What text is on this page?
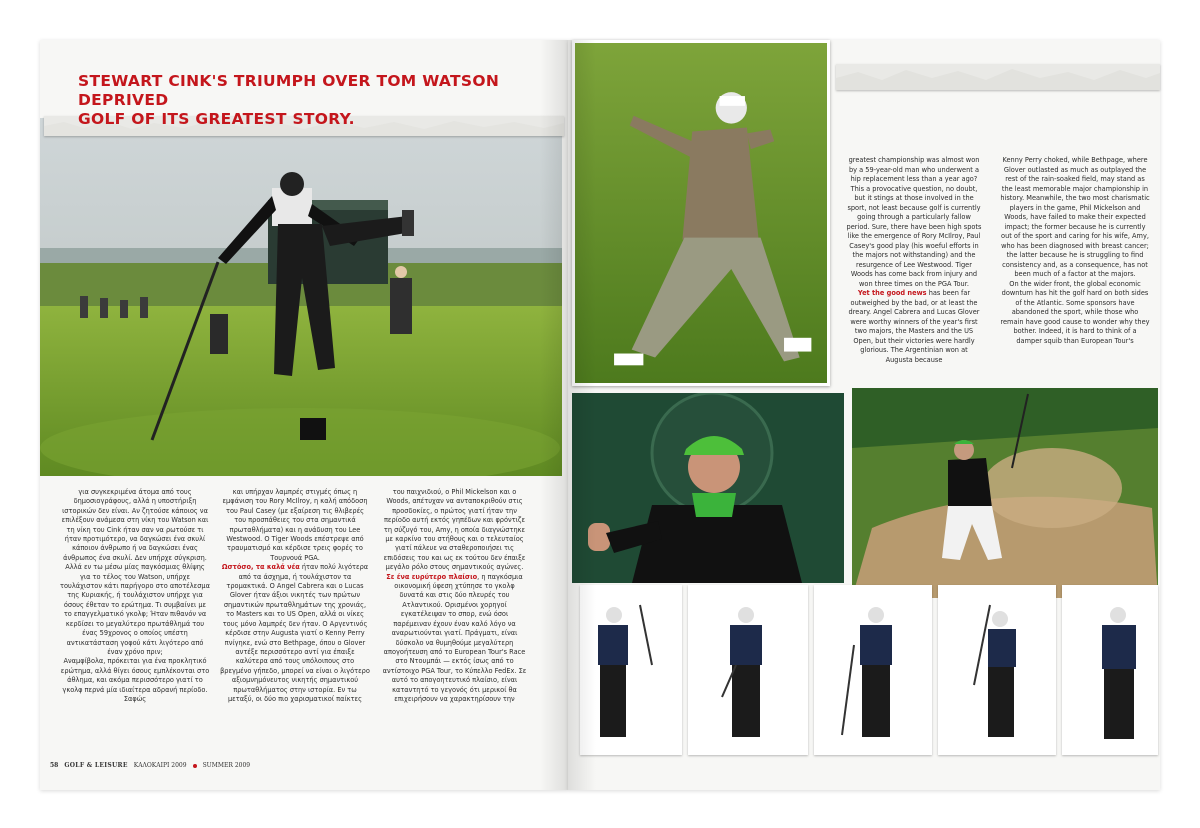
STEWART CINK'S TRIUMPH OVER TOM WATSON DEPRIVED
GOLF OF ITS GREATEST STORY.

για συγκεκριμένα άτομα από τους δημοσιογράφους, αλλά η υποστήριξη ιστορικών δεν είναι. Αν ζητούσε κάποιος να επιλέξουν ανάμεσα στη νίκη του Watson και τη νίκη του Cink ήταν σαν να ρωτούσε τι ήταν προτιμότερο, να δαγκώσει ένα σκυλί κάποιον άνθρωπο ή να δαγκώσει ένας άνθρωπος ένα σκυλί. Δεν υπήρχε σύγκριση. Αλλά εν τω μέσω μίας παγκόσμιας θλίψης για το τέλος του Watson, υπήρχε τουλάχιστον κάτι παρήγορο στο αποτέλεσμα της Κυριακής, ή τουλάχιστον υπήρχε για όσους έθεταν το ερώτημα. Τι συμβαίνει με το επαγγελματικό γκολφ; Ήταν πιθανόν να κερδίσει το μεγαλύτερο πρωτάθλημά του ένας 59χρονος ο οποίος υπέστη αντικατάσταση γοφού κάτι λιγότερο από έναν χρόνο πριν;

Αναμφίβολα, πρόκειται για ένα προκλητικό ερώτημα, αλλά θίγει όσους εμπλέκονται στο άθλημα, και ακόμα περισσότερο γιατί το γκολφ περνά μία ιδιαίτερα αδρανή περίοδο. Σαφώς

και υπήρχαν λαμπρές στιγμές όπως η εμφάνιση του Rory McIlroy, η καλή απόδοση του Paul Casey (με εξαίρεση τις θλιβερές του προσπάθειες του στα σημαντικά πρωταθλήματα) και η ανάδυση του Lee Westwood. Ο Tiger Woods επέστρεψε από τραυματισμό και κέρδισε τρεις φορές το Τουρνουά PGA.

Ωστόσο, τα καλά νέα ήταν πολύ λιγότερα από τα άσχημα, ή τουλάχιστον τα τρομακτικά. Ο Angel Cabrera και ο Lucas Glover ήταν άξιοι νικητές των πρώτων σημαντικών πρωταθλημάτων της χρονιάς, το Masters και το US Open, αλλά οι νίκες τους μόνο λαμπρές δεν ήταν. Ο Αργεντινός κέρδισε στην Augusta γιατί ο Kenny Perry πνίγηκε, ενώ στο Bethpage, όπου ο Glover αντέξε περισσότερο αντί για έπαιξε καλύτερα από τους υπόλοιπους στο βρεγμένο γήπεδο, μπορεί να είναι ο λιγότερο αξιομνημόνευτος νικητής σημαντικού πρωταθλήματος στην ιστορία. Εν τω μεταξύ, οι δύο πιο χαρισματικοί παίκτες

του παιχνιδιού, ο Phil Mickelson και ο Woods, απέτυχαν να ανταποκριθούν στις προσδοκίες, ο πρώτος γιατί ήταν την περίοδο αυτή εκτός γηπέδων και φρόντιζε τη σύζυγό του, Amy, η οποία διαγνώστηκε με καρκίνο του στήθους και ο τελευταίος γιατί πάλευε να σταθεροποιήσει τις επιδόσεις του και ως εκ τούτου δεν έπαιξε μεγάλο ρόλο στους σημαντικούς αγώνες.

Σε ένα ευρύτερο πλαίσιο, η παγκόσμια οικονομική ύφεση χτύπησε το γκολφ δυνατά και στις δύο πλευρές του Ατλαντικού. Ορισμένοι χορηγοί εγκατέλειψαν το σπορ, ενώ όσοι παρέμειναν έχουν έναν καλό λόγο να αναρωτιούνται γιατί. Πράγματι, είναι δύσκολο να θυμηθούμε μεγαλύτερη απογοήτευση από το European Tour's Race στο Ντουμπάι — εκτός ίσως από το αντίστοιχο PGA Tour, το Κύπελλο FedEx. Σε αυτό το απογοητευτικό πλαίσιο, είναι καταντητό το γεγονός ότι μερικοί θα επιχειρήσουν να χαρακτηρίσουν την

58 GOLF & LEISURE ΚΑΛΟΚΑΙΡΙ 2009	SUMMER 2009

greatest championship was almost won by a 59-year-old man who underwent a hip replacement less than a year ago?

This a provocative question, no doubt, but it stings at those involved in the sport, not least because golf is currently going through a particularly fallow period. Sure, there have been high spots like the emergence of Rory McIlroy, Paul Casey's good play (his woeful efforts in the majors not withstanding) and the resurgence of Lee Westwood. Tiger Woods has come back from injury and won three times on the PGA Tour.

Yet the good news has been far outweighed by the bad, or at least the dreary. Angel Cabrera and Lucas Glover were worthy winners of the year's first two majors, the Masters and the US Open, but their victories were hardly glorious. The Argentinian won at Augusta because

Kenny Perry choked, while Bethpage, where Glover outlasted as much as outplayed the rest of the rain-soaked field, may stand as the least memorable major championship in history. Meanwhile, the two most charismatic players in the game, Phil Mickelson and Woods, have failed to make their expected impact; the former because he is currently out of the sport and caring for his wife, Amy, who has been diagnosed with breast cancer; the latter because he is struggling to find consistency and, as a consequence, has not been much of a factor at the majors.

On the wider front, the global economic downturn has hit the golf hard on both sides of the Atlantic. Some sponsors have abandoned the sport, while those who remain have good cause to wonder why they bother. Indeed, it is hard to think of a damper squib than European Tour's
